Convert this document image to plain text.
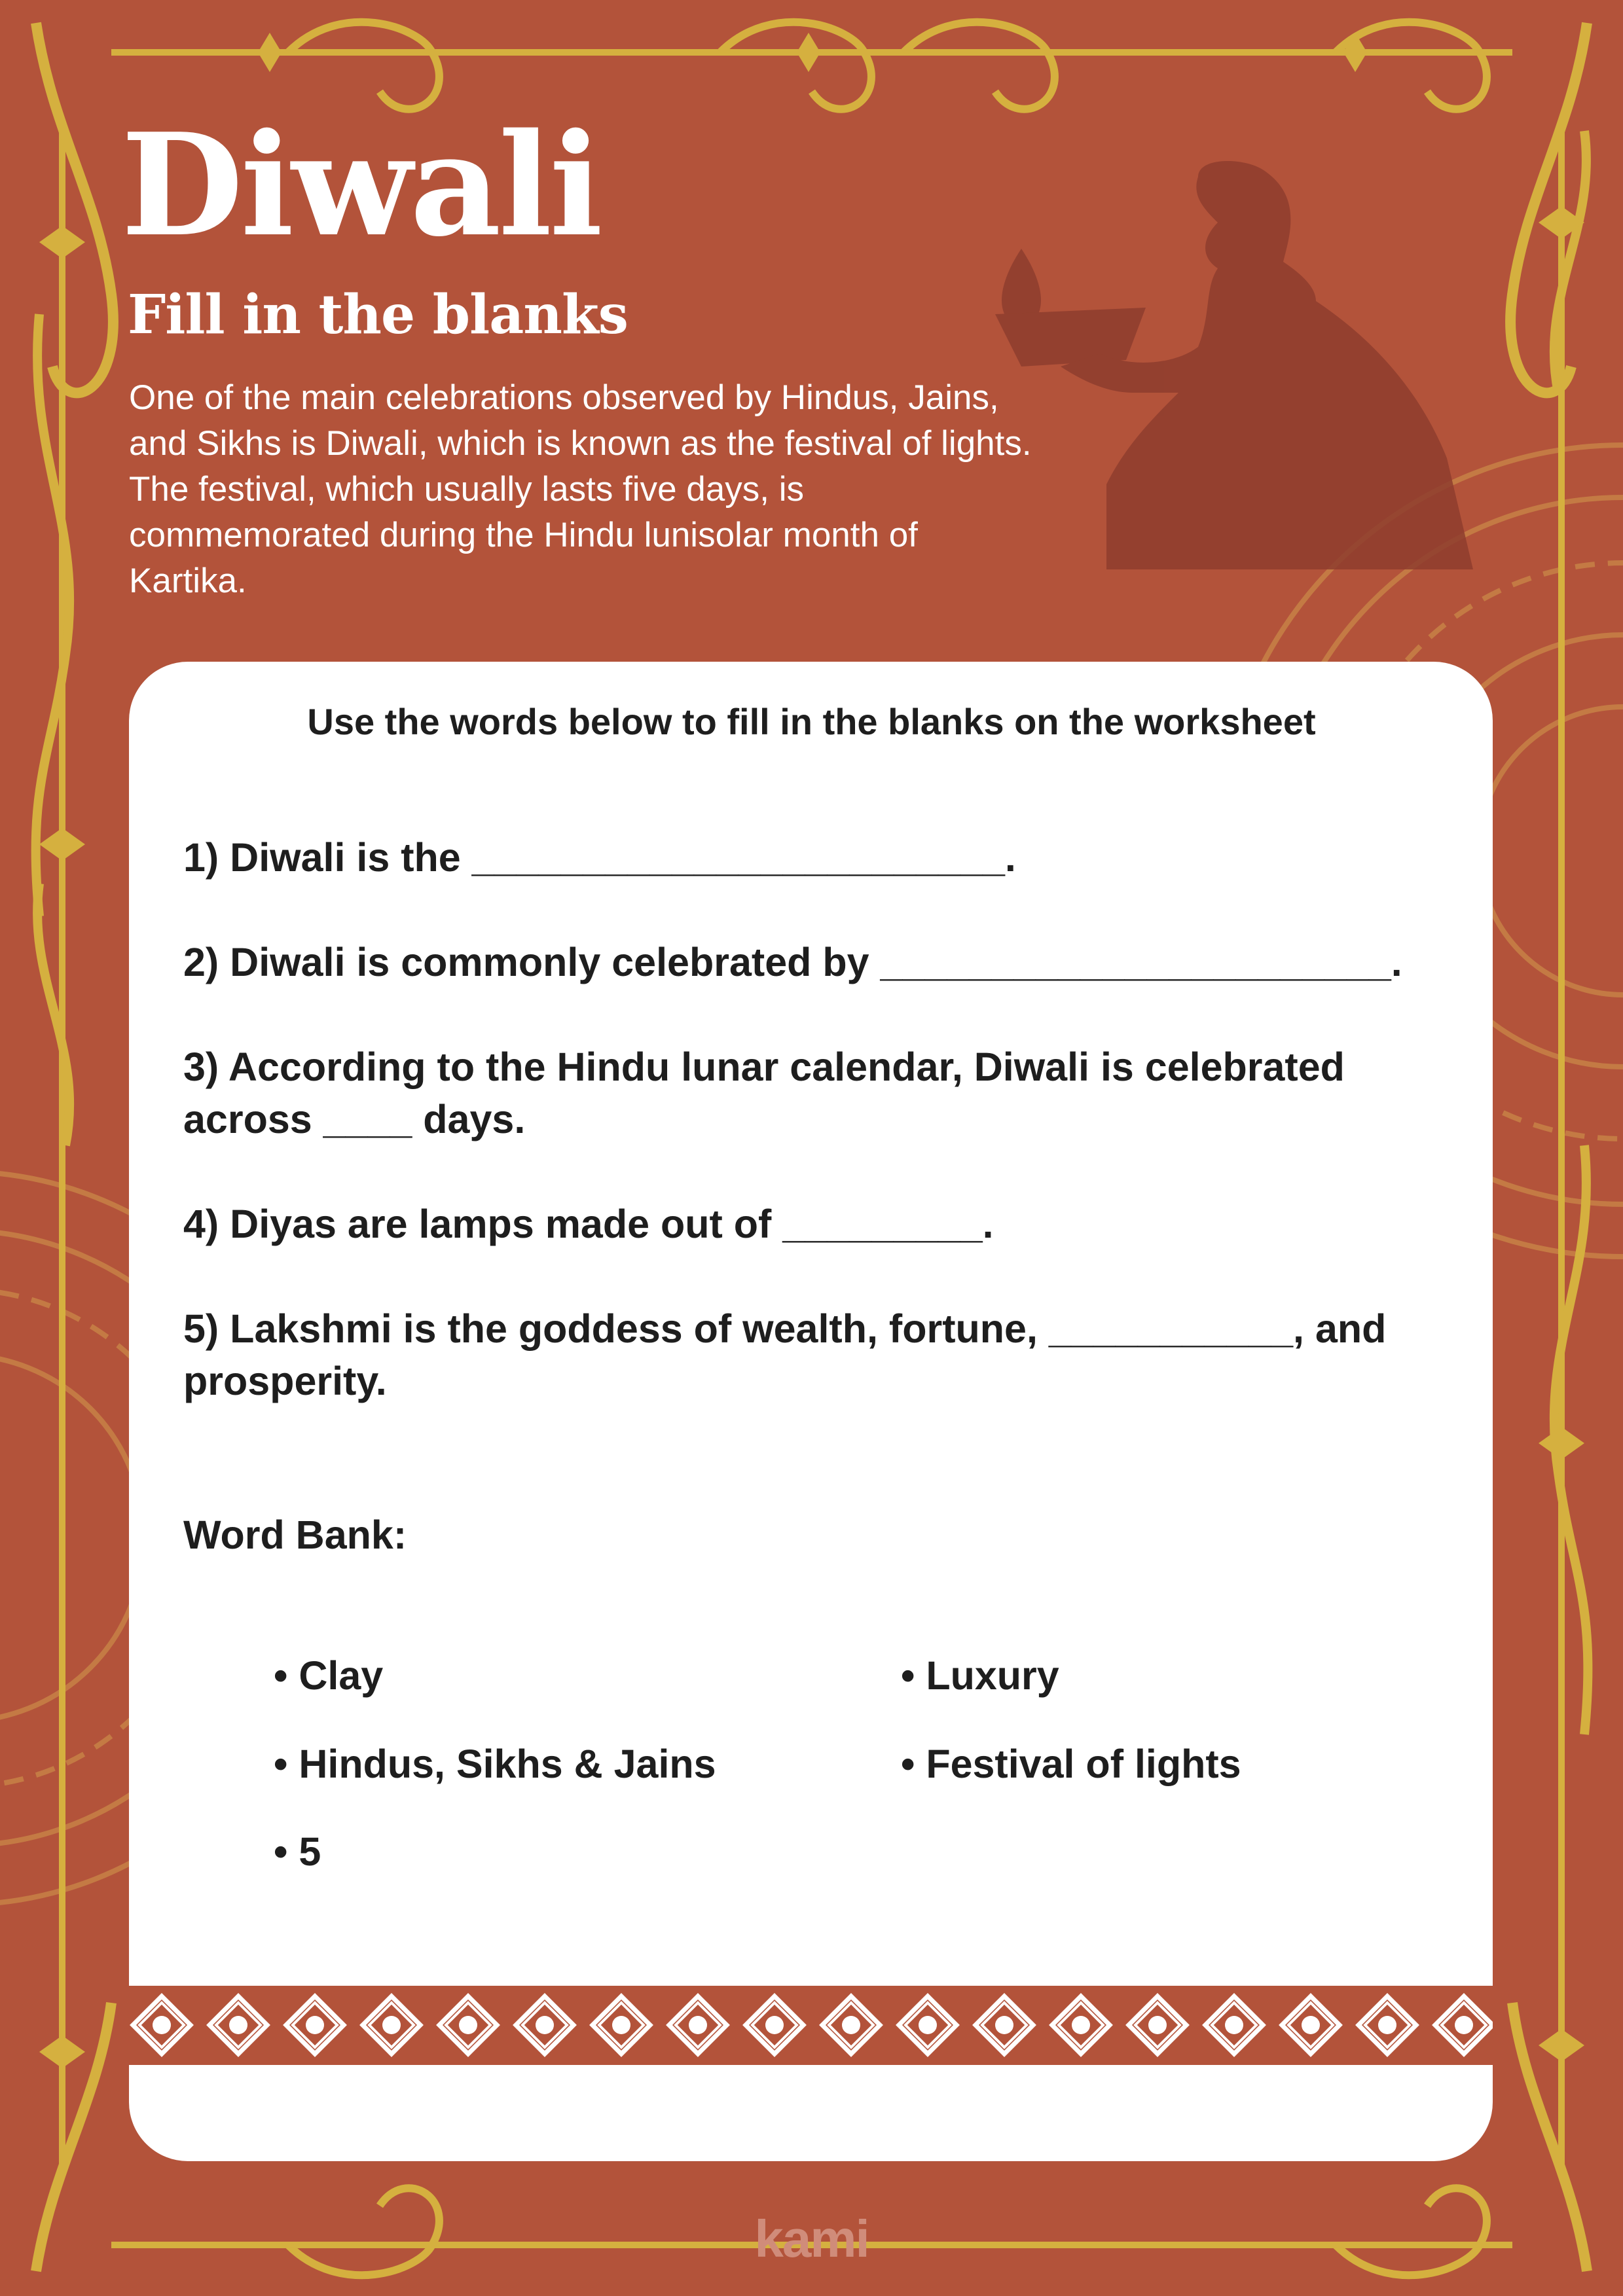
Diwali
Fill in the blanks
One of the main celebrations observed by Hindus, Jains, and Sikhs is Diwali, which is known as the festival of lights. The festival, which usually lasts five days, is commemorated during the Hindu lunisolar month of Kartika.
Use the words below to fill in the blanks on the worksheet
1) Diwali is the ________________________.
2) Diwali is commonly celebrated by _______________________.
3) According to the Hindu lunar calendar, Diwali is celebrated across ____ days.
4) Diyas are lamps made out of _________.
5) Lakshmi is the goddess of wealth, fortune, ___________, and prosperity.
Word Bank:
• Clay	• Luxury
• Hindus, Sikhs & Jains	• Festival of lights
• 5
kami
